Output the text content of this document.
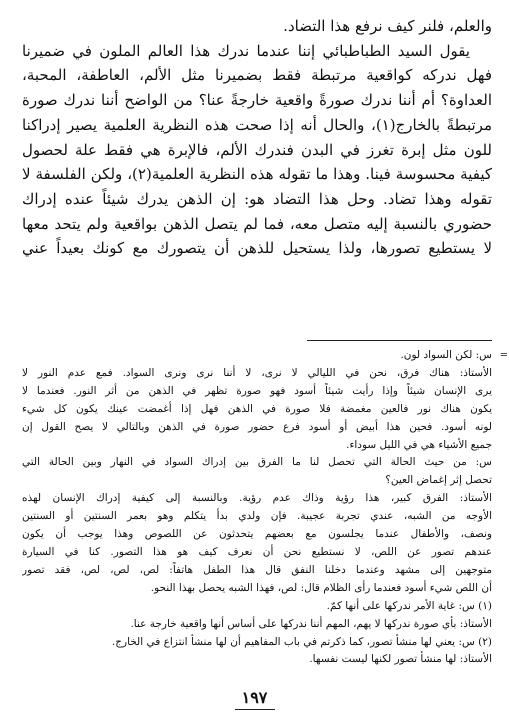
والعلم، فلنر كيف نرفع هذا التضاد.

يقول السيد الطباطبائي إننا عندما ندرك هذا العالم الملون في ضميرنا

فهل ندركه كواقعية مرتبطة فقط بضميرنا مثل الألم، العاطفة، المحبة،

العداوة؟ أم أننا ندرك صورةً واقعية خارجةً عنا؟ من الواضح أننا ندرك صورة

مرتبطةً بالخارج(١)، والحال أنه إذا صحت هذه النظرية العلمية يصير إدراكنا

للون مثل إبرة تغرز في البدن فندرك الألم، فالإبرة هي فقط علة لحصول

كيفية محسوسة فينا. وهذا ما تقوله هذه النظرية العلمية(٢)، ولكن الفلسفة لا

تقوله وهذا تضاد. وحل هذا التضاد هو: إن الذهن يدرك شيئاً عنده إدراك

حضوري بالنسبة إليه متصل معه، فما لم يتصل الذهن بواقعية ولم يتحد معها

لا يستطيع تصورها، ولذا يستحيل للذهن أن يتصورك مع كونك بعيداً عني

=
س: لكن السواد لون.
الأستاذ: هناك فرق، نحن في الليالي لا نرى، لا أننا نرى ونرى السواد. فمع عدم النور لا
يرى الإنسان شيئاً وإذا رأيت شيئاً أسود فهو صورة تظهر في الذهن من أثر النور. فعندما لا
يكون هناك نور فالعين مغمضة فلا صورة في الذهن فهل إذا أغمضت عينك يكون كل شيء
لونه أسود. فحين هذا أبيض أو أسود فرع حضور صورة في الذهن وبالتالي لا يصح القول إن
جميع الأشياء هي في الليل سوداء.
س: من حيث الحالة التي تحصل لنا ما الفرق بين إدراك السواد في النهار وبين الحالة التي
تحصل إثر إغماض العين؟
الأستاذ: الفرق كبير، هذا رؤية وذاك عدم رؤية. وبالنسبة إلى كيفية إدراك الإنسان لهذه
الأوجه من الشبه، عندي تجربة عجيبة. فإن ولدي بدأ يتكلم وهو بعمر السنتين أو السنتين
ونصف، والأطفال عندما يجلسون مع بعضهم يتحدثون عن اللصوص وهذا يوجب أن يكون
عندهم تصور عن اللص، لا نستطيع نحن أن نعرف كيف هو هذا التصور. كنا في السيارة
متوجهين إلى مشهد وعندما دخلنا النفق قال هذا الطفل هاتفاً: لص، لص، لص، فقد تصور
أن اللص شيء أسود فعندما رأى الظلام قال: لص، فهذا الشبه يحصل بهذا النحو.
(١) س: غاية الأمر ندركها على أنها كمّ.
الأستاذ: بأي صورة ندركها لا يهم، المهم أننا ندركها على أساس أنها واقعية خارجة عنا.
(٢) س: يعني لها منشأ تصور، كما ذكرتم في باب المفاهيم أن لها منشأ انتزاع في الخارج.
الأستاذ: لها منشأ تصور لكنها ليست نفسها.
١٩٧
